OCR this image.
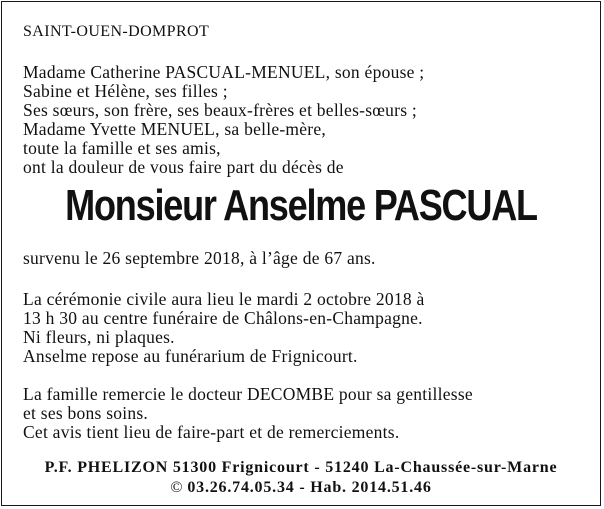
SAINT-OUEN-DOMPROT
Madame Catherine PASCUAL-MENUEL, son épouse ;
Sabine et Hélène, ses filles ;
Ses sœurs, son frère, ses beaux-frères et belles-sœurs ;
Madame Yvette MENUEL, sa belle-mère,
toute la famille et ses amis,
ont la douleur de vous faire part du décès de
Monsieur Anselme PASCUAL
survenu le 26 septembre 2018, à l’âge de 67 ans.
La cérémonie civile aura lieu le mardi 2 octobre 2018 à
13 h 30 au centre funéraire de Châlons-en-Champagne.
Ni fleurs, ni plaques.
Anselme repose au funérarium de Frignicourt.
La famille remercie le docteur DECOMBE pour sa gentillesse
et ses bons soins.
Cet avis tient lieu de faire-part et de remerciements.
P.F. PHELIZON 51300 Frignicourt - 51240 La-Chaussée-sur-Marne
© 03.26.74.05.34 - Hab. 2014.51.46
